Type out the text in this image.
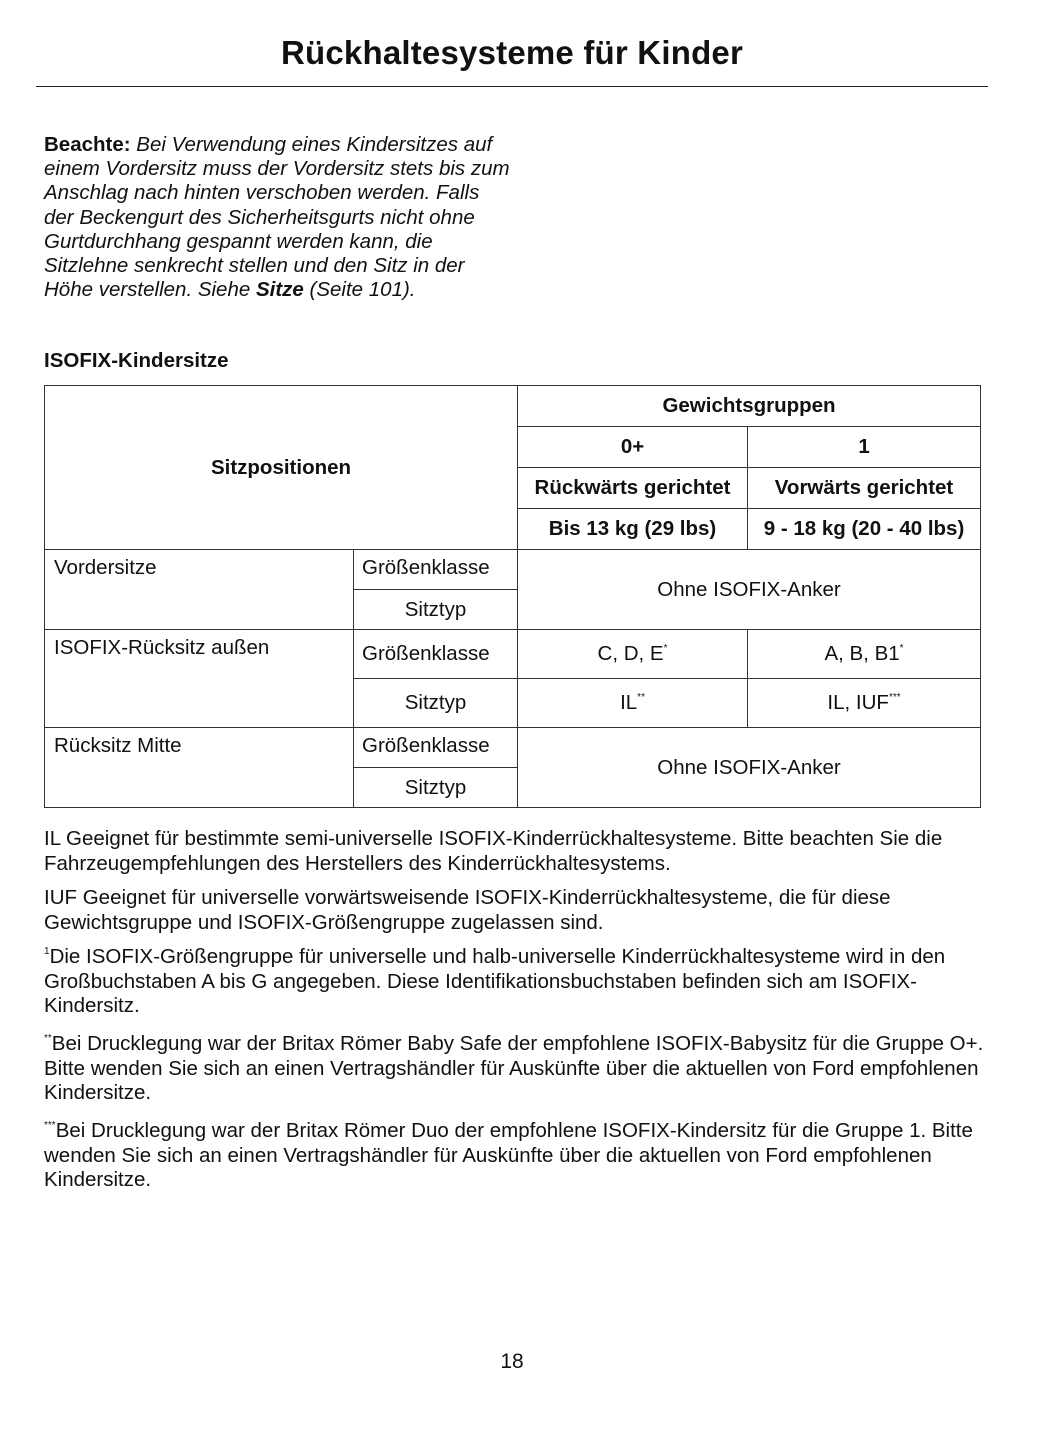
Rückhaltesysteme für Kinder
Beachte: Bei Verwendung eines Kindersitzes auf einem Vordersitz muss der Vordersitz stets bis zum Anschlag nach hinten verschoben werden. Falls der Beckengurt des Sicherheitsgurts nicht ohne Gurtdurchhang gespannt werden kann, die Sitzlehne senkrecht stellen und den Sitz in der Höhe verstellen. Siehe Sitze (Seite 101).
ISOFIX-Kindersitze
Sitzpositionen		Gewichtsgruppen	
		0+	1
		Rückwärts gerichtet	Vorwärts gerichtet
		Bis 13 kg (29 lbs)	9 - 18 kg (20 - 40 lbs)
Vordersitze	Größenklasse	Ohne ISOFIX-Anker	
	Sitztyp		
ISOFIX-Rücksitz außen	Größenklasse	C, D, E*	A, B, B1*
	Sitztyp	IL**	IL, IUF***
Rücksitz Mitte	Größenklasse	Ohne ISOFIX-Anker	
	Sitztyp		
IL Geeignet für bestimmte semi-universelle ISOFIX-Kinderrückhaltesysteme. Bitte beachten Sie die Fahrzeugempfehlungen des Herstellers des Kinderrückhaltesystems.
IUF Geeignet für universelle vorwärtsweisende ISOFIX-Kinderrückhaltesysteme, die für diese Gewichtsgruppe und ISOFIX-Größengruppe zugelassen sind.
$^1$Die ISOFIX-Größengruppe für universelle und halb-universelle Kinderrückhaltesysteme wird in den Großbuchstaben A bis G angegeben. Diese Identifikationsbuchstaben befinden sich am ISOFIX-Kindersitz.
**Bei Drucklegung war der Britax Römer Baby Safe der empfohlene ISOFIX-Babysitz für die Gruppe O+. Bitte wenden Sie sich an einen Vertragshändler für Auskünfte über die aktuellen von Ford empfohlenen Kindersitze.
***Bei Drucklegung war der Britax Römer Duo der empfohlene ISOFIX-Kindersitz für die Gruppe 1. Bitte wenden Sie sich an einen Vertragshändler für Auskünfte über die aktuellen von Ford empfohlenen Kindersitze.
18
